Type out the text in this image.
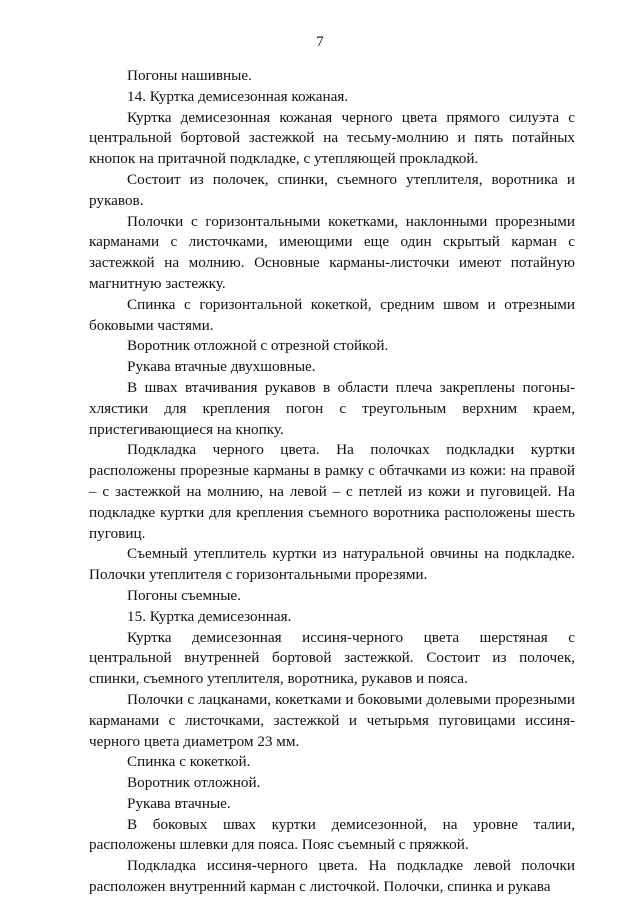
7

Погоны нашивные.

14. Куртка демисезонная кожаная.

Куртка демисезонная кожаная черного цвета прямого силуэта с центральной бортовой застежкой на тесьму-молнию и пять потайных кнопок на притачной подкладке, с утепляющей прокладкой.

Состоит из полочек, спинки, съемного утеплителя, воротника и рукавов.

Полочки с горизонтальными кокетками, наклонными прорезными карманами с листочками, имеющими еще один скрытый карман с застежкой на молнию. Основные карманы-листочки имеют потайную магнитную застежку.

Спинка с горизонтальной кокеткой, средним швом и отрезными боковыми частями.

Воротник отложной с отрезной стойкой.

Рукава втачные двухшовные.

В швах втачивания рукавов в области плеча закреплены погоны-хлястики для крепления погон с треугольным верхним краем, пристегивающиеся на кнопку.

Подкладка черного цвета. На полочках подкладки куртки расположены прорезные карманы в рамку с обтачками из кожи: на правой – с застежкой на молнию, на левой – с петлей из кожи и пуговицей. На подкладке куртки для крепления съемного воротника расположены шесть пуговиц.

Съемный утеплитель куртки из натуральной овчины на подкладке. Полочки утеплителя с горизонтальными прорезями.

Погоны съемные.

15. Куртка демисезонная.

Куртка демисезонная иссиня-черного цвета шерстяная с центральной внутренней бортовой застежкой. Состоит из полочек, спинки, съемного утеплителя, воротника, рукавов и пояса.

Полочки с лацканами, кокетками и боковыми долевыми прорезными карманами с листочками, застежкой и четырьмя пуговицами иссиня-черного цвета диаметром 23 мм.

Спинка с кокеткой.

Воротник отложной.

Рукава втачные.

В боковых швах куртки демисезонной, на уровне талии, расположены шлевки для пояса. Пояс съемный с пряжкой.

Подкладка иссиня-черного цвета. На подкладке левой полочки расположен внутренний карман с листочкой. Полочки, спинка и рукава
